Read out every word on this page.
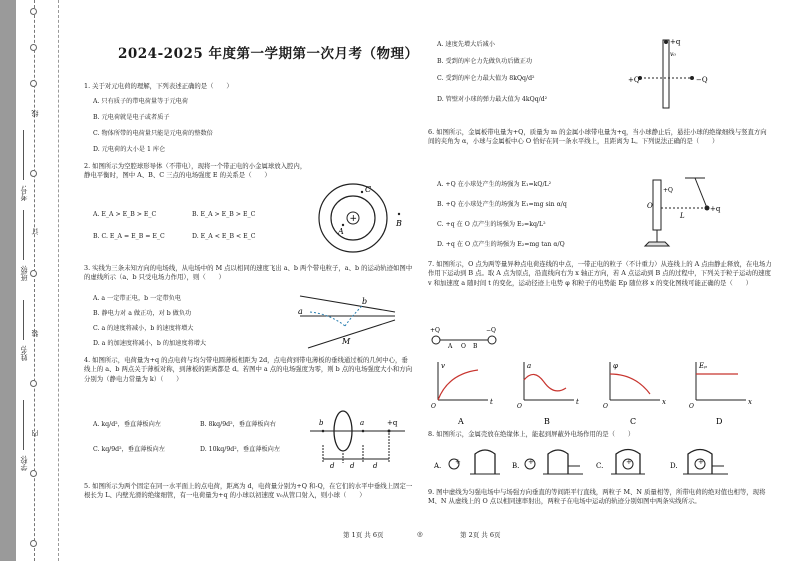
线
订
装
内
学校:
姓名:
班级:
考号:
2024-2025 年度第一学期第一次月考（物理）
1. 关于对元电荷的理解，下列表述正确的是（　　）
A. 只有质子的带电荷量等于元电荷
B. 元电荷就是电子或者质子
C. 物体所带的电荷量只能是元电荷的整数倍
D. 元电荷的大小是 1 库仑
2. 如图所示为空腔球形导体（不带电），现将一个带正电的小金属球放入腔内，静电平衡时，图中 A、B、C 三点的电场强度 E 的关系是（　　）
A. E_A > E_B > E_C	B. E_A > E_B > E_C
B. C. E_A = E_B = E_C	D. E_A < E_B < E_C
+
A
C
B
3. 实线为三条未知方向的电场线，从电场中的 M 点以相同的速度飞出 a、b 两个带电粒子，a、b 的运动轨迹如图中的虚线所示（a、b 只受电场力作用），则（　　）
A. a 一定带正电，b 一定带负电
B. 静电力对 a 做正功，对 b 做负功
C. a 的速度将减小，b 的速度将增大
D. a 的加速度将减小，b 的加速度将增大
a
b
M
4. 如图所示，电荷量为+q 的点电荷与均匀带电圆薄板相距为 2d，点电荷到带电薄板的垂线通过板的几何中心，垂线上的 a、b 两点关于薄板对称，到薄板的距离都是 d。若图中 a 点的电场强度为零，则 b 点的电场强度大小和方向分别为（静电力常量为 k）（　　）
A. kq/d²，垂直薄板向左	B. 8kq/9d²，垂直薄板向右
C. kq/9d²，垂直薄板向左	D. 10kq/9d²，垂直薄板向左
b	a	+q
d d	d
5. 如图所示为两个固定在同一水平面上的点电荷，距离为 d，电荷量分别为+Q 和-Q，在它们的水平中垂线上固定一根长为 L、内壁光滑的绝缘细管，有一电荷量为+q 的小球以初速度 v₀从管口射入，则小球（　　）
第 1页 共 6页	◎
A. 速度先增大后减小
B. 受到的库仑力先做负功后做正功
C. 受到的库仑力最大值为 8kQq/d²
D. 管壁对小球的弹力最大值为 4kQq/d²
+q
v₀
+Q	−Q
6. 如图所示，金属板带电量为+Q，质量为 m 的金属小球带电量为+q，当小球静止后，悬挂小球的绝缘细线与竖直方向间的夹角为 α，小球与金属板中心 O 恰好在同一条水平线上，且距离为 L。下列说法正确的是（　　）
A. +Q 在小球处产生的场强为 E₁=kQ/L²
B. +Q 在小球处产生的场强为 E₁=mg sin α/q
C. +q 在 O 点产生的场强为 E₂=kq/L²
D. +q 在 O 点产生的场强为 E₂=mg tan α/Q
O	+q
L
+Q
7. 如图所示，O 点为两等量异种点电荷连线的中点，一带正电的粒子（不计重力）从连线上的 A 点由静止释放，在电场力作用下运动到 B 点。取 A 点为原点，沿直线向右为 x 轴正方向，若 A 点运动到 B 点的过程中，下列关于粒子运动的速度 v 和加速度 a 随时间 t 的变化，运动径迹上电势 φ 和粒子的电势能 Ep 随位移 x 的变化图线可能正确的是（　　）
+Q	−Q
A O B
v
t
O
A
a
t
O
B
φ
x
O
C
Eₚ
x
O
D
8. 如图所示，金属壳放在绝缘体上，能起到屏蔽外电场作用的是（　　）
A.	B.	C.	D.
+	+	+	+
9. 图中虚线为匀强电场中与场强方向垂直的等间距平行直线，两粒子 M、N 质量相等，所带电荷的绝对值也相等，现将 M、N 从虚线上的 O 点以相同速率射出，两粒子在电场中运动的轨迹分别如图中两条实线所示。
第 2页 共 6页
